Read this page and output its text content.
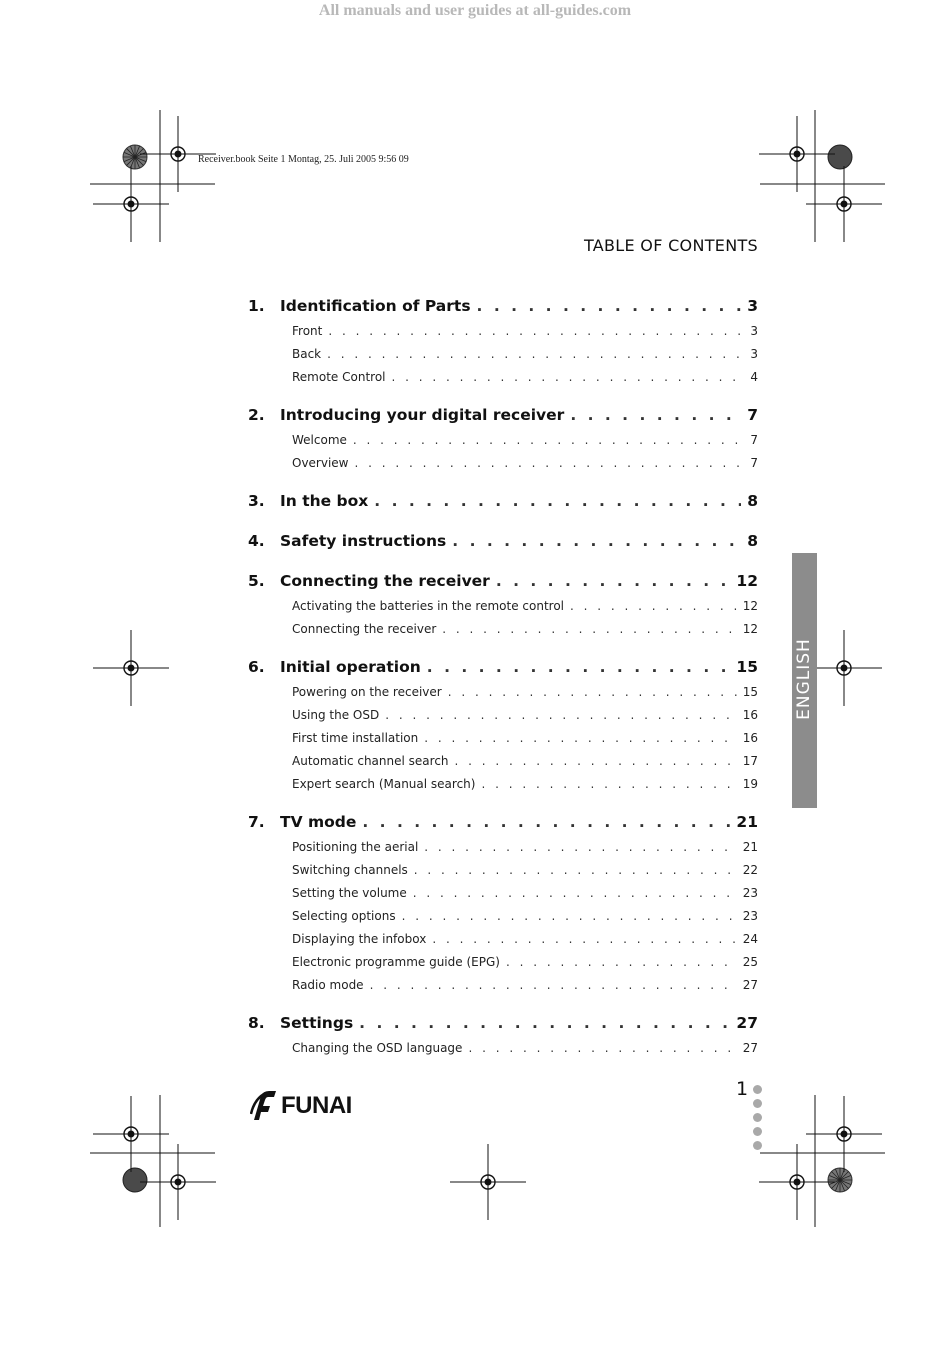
All manuals and user guides at all-guides.com
Receiver.book Seite 1 Montag, 25. Juli 2005 9:56 09
TABLE OF CONTENTS
1. Identification of Parts . . .	3
Front . . .	3
Back . . .	3
Remote Control . . .	4
2. Introducing your digital receiver . . .	7
Welcome . . .	7
Overview . . .	7
3. In the box . . .	8
4. Safety instructions . . .	8
5. Connecting the receiver . . .	12
Activating the batteries in the remote control . . .	12
Connecting the receiver . . .	12
6. Initial operation . . .	15
Powering on the receiver . . .	15
Using the OSD . . .	16
First time installation . . .	16
Automatic channel search . . .	17
Expert search (Manual search) . . .	19
7. TV mode . . .	21
Positioning the aerial . . .	21
Switching channels . . .	22
Setting the volume . . .	23
Selecting options . . .	23
Displaying the infobox . . .	24
Electronic programme guide (EPG) . . .	25
Radio mode . . .	27
8. Settings . . .	27
Changing the OSD language . . .	27
ENGLISH
FUNAI
1
